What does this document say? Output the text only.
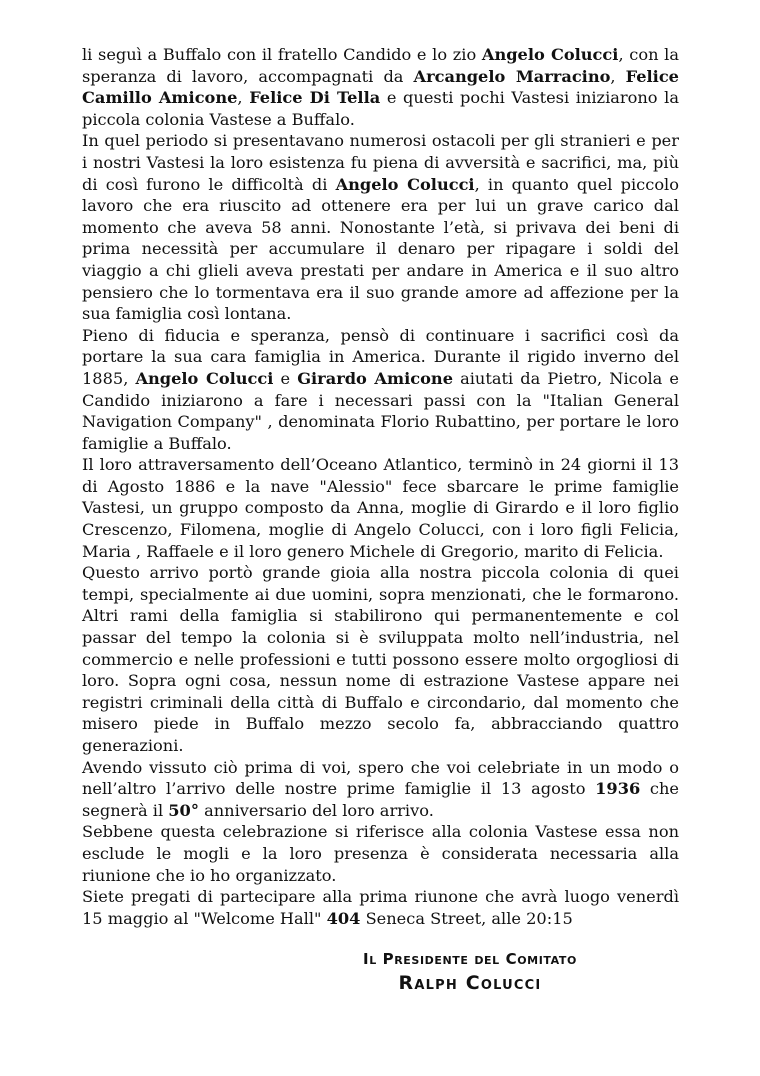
li seguì a Buffalo con il fratello Candido e lo zio Angelo Colucci, con la speranza di lavoro, accompagnati da Arcangelo Marracino, Felice Camillo Amicone, Felice Di Tella e questi pochi Vastesi iniziarono la piccola colonia Vastese a Buffalo.

In quel periodo si presentavano numerosi ostacoli per gli stranieri e per i nostri Vastesi la loro esistenza fu piena di avversità e sacrifici, ma, più di così furono le difficoltà di Angelo Colucci, in quanto quel piccolo lavoro che era riuscito ad ottenere era per lui un grave carico dal momento che aveva 58 anni. Nonostante l’età, si privava dei beni di prima necessità per accumulare il denaro per ripagare i soldi del viaggio a chi glieli aveva prestati per andare in America e il suo altro pensiero che lo tormentava era il suo grande amore ad affezione per la sua famiglia così lontana.

Pieno di fiducia e speranza, pensò di continuare i sacrifici così da portare la sua cara famiglia in America. Durante il rigido inverno del 1885, Angelo Colucci e Girardo Amicone aiutati da Pietro, Nicola e Candido iniziarono a fare i necessari passi con la "Italian General Navigation Company" , denominata Florio Rubattino, per portare le loro famiglie a Buffalo.

Il loro attraversamento dell’Oceano Atlantico, terminò in 24 giorni il 13 di Agosto 1886 e la nave "Alessio" fece sbarcare le prime famiglie Vastesi, un gruppo composto da Anna, moglie di Girardo e il loro figlio Crescenzo, Filomena, moglie di Angelo Colucci, con i loro figli Felicia, Maria , Raffaele e il loro genero Michele di Gregorio, marito di Felicia.

Questo arrivo portò grande gioia alla nostra piccola colonia di quei tempi, specialmente ai due uomini, sopra menzionati, che le formarono. Altri rami della famiglia si stabilirono qui permanentemente e col passar del tempo la colonia si è sviluppata molto nell’industria, nel commercio e nelle professioni e tutti possono essere molto orgogliosi di loro. Sopra ogni cosa, nessun nome di estrazione Vastese appare nei registri criminali della città di Buffalo e circondario, dal momento che misero piede in Buffalo mezzo secolo fa, abbracciando quattro generazioni.

Avendo vissuto ciò prima di voi, spero che voi celebriate in un modo o nell’altro l’arrivo delle nostre prime famiglie il 13 agosto 1936 che segnerà il 50° anniversario del loro arrivo.

Sebbene questa celebrazione si riferisce alla colonia Vastese essa non esclude le mogli e la loro presenza è considerata necessaria alla riunione che io ho organizzato.

Siete pregati di partecipare alla prima riunone che avrà luogo venerdì 15 maggio al "Welcome Hall" 404 Seneca Street, alle 20:15

Il Presidente del Comitato
Ralph Colucci
